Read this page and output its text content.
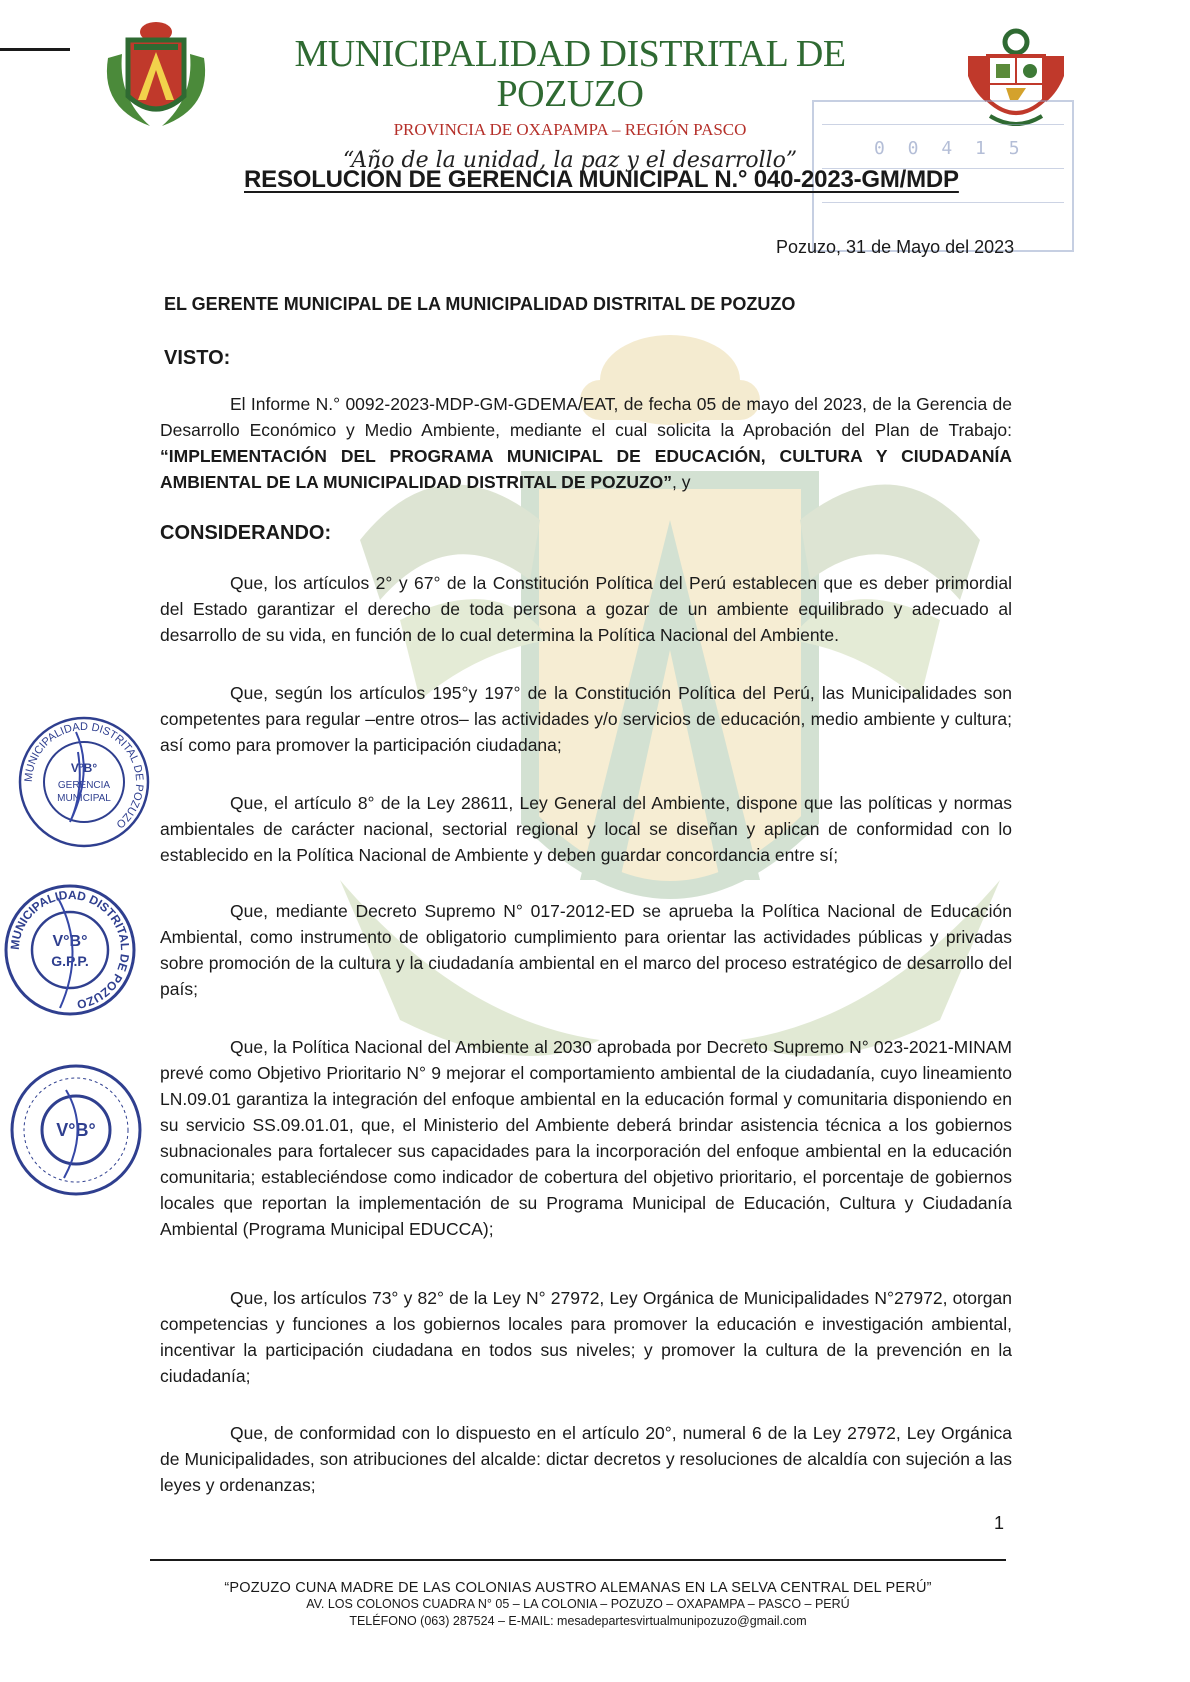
MUNICIPALIDAD DISTRITAL DE POZUZO
PROVINCIA DE OXAPAMPA – REGIÓN PASCO
“Año de la unidad, la paz y el desarrollo”	0 0 4 1 5
RESOLUCIÓN DE GERENCIA MUNICIPAL N.° 040-2023-GM/MDP
Pozuzo, 31 de Mayo del 2023
EL GERENTE MUNICIPAL DE LA MUNICIPALIDAD DISTRITAL DE POZUZO
VISTO:
El Informe N.° 0092-2023-MDP-GM-GDEMA/EAT, de fecha 05 de mayo del 2023, de la Gerencia de Desarrollo Económico y Medio Ambiente, mediante el cual solicita la Aprobación del Plan de Trabajo: “IMPLEMENTACIÓN DEL PROGRAMA MUNICIPAL DE EDUCACIÓN, CULTURA Y CIUDADANÍA AMBIENTAL DE LA MUNICIPALIDAD DISTRITAL DE POZUZO”, y
CONSIDERANDO:
Que, los artículos 2° y 67° de la Constitución Política del Perú establecen que es deber primordial del Estado garantizar el derecho de toda persona a gozar de un ambiente equilibrado y adecuado al desarrollo de su vida, en función de lo cual determina la Política Nacional del Ambiente.
Que, según los artículos 195°y 197° de la Constitución Política del Perú, las Municipalidades son competentes para regular –entre otros– las actividades y/o servicios de educación, medio ambiente y cultura; así como para promover la participación ciudadana;
Que, el artículo 8° de la Ley 28611, Ley General del Ambiente, dispone que las políticas y normas ambientales de carácter nacional, sectorial regional y local se diseñan y aplican de conformidad con lo establecido en la Política Nacional de Ambiente y deben guardar concordancia entre sí;
Que, mediante Decreto Supremo N° 017-2012-ED se aprueba la Política Nacional de Educación Ambiental, como instrumento de obligatorio cumplimiento para orientar las actividades públicas y privadas sobre promoción de la cultura y la ciudadanía ambiental en el marco del proceso estratégico de desarrollo del país;
Que, la Política Nacional del Ambiente al 2030 aprobada por Decreto Supremo N° 023-2021-MINAM prevé como Objetivo Prioritario N° 9 mejorar el comportamiento ambiental de la ciudadanía, cuyo lineamiento LN.09.01 garantiza la integración del enfoque ambiental en la educación formal y comunitaria disponiendo en su servicio SS.09.01.01, que, el Ministerio del Ambiente deberá brindar asistencia técnica a los gobiernos subnacionales para fortalecer sus capacidades para la incorporación del enfoque ambiental en la educación comunitaria; estableciéndose como indicador de cobertura del objetivo prioritario, el porcentaje de gobiernos locales que reportan la implementación de su Programa Municipal de Educación, Cultura y Ciudadanía Ambiental (Programa Municipal EDUCCA);
Que, los artículos 73° y 82° de la Ley N° 27972, Ley Orgánica de Municipalidades N°27972, otorgan competencias y funciones a los gobiernos locales para promover la educación e investigación ambiental, incentivar la participación ciudadana en todos sus niveles; y promover la cultura de la prevención en la ciudadanía;
Que, de conformidad con lo dispuesto en el artículo 20°, numeral 6 de la Ley 27972, Ley Orgánica de Municipalidades, son atribuciones del alcalde: dictar decretos y resoluciones de alcaldía con sujeción a las leyes y ordenanzas;
MUNICIPALIDAD DISTRITAL DE POZUZO
V°B°
GERENCIA
MUNICIPAL
MUNICIPALIDAD DISTRITAL DE POZUZO
V°B°
G.P.P.
V°B°
1
“POZUZO CUNA MADRE DE LAS COLONIAS AUSTRO ALEMANAS EN LA SELVA CENTRAL DEL PERÚ”
AV. LOS COLONOS CUADRA N° 05 – LA COLONIA – POZUZO – OXAPAMPA – PASCO – PERÚ
TELÉFONO (063) 287524 – E-MAIL: mesadepartesvirtualmunipozuzo@gmail.com
